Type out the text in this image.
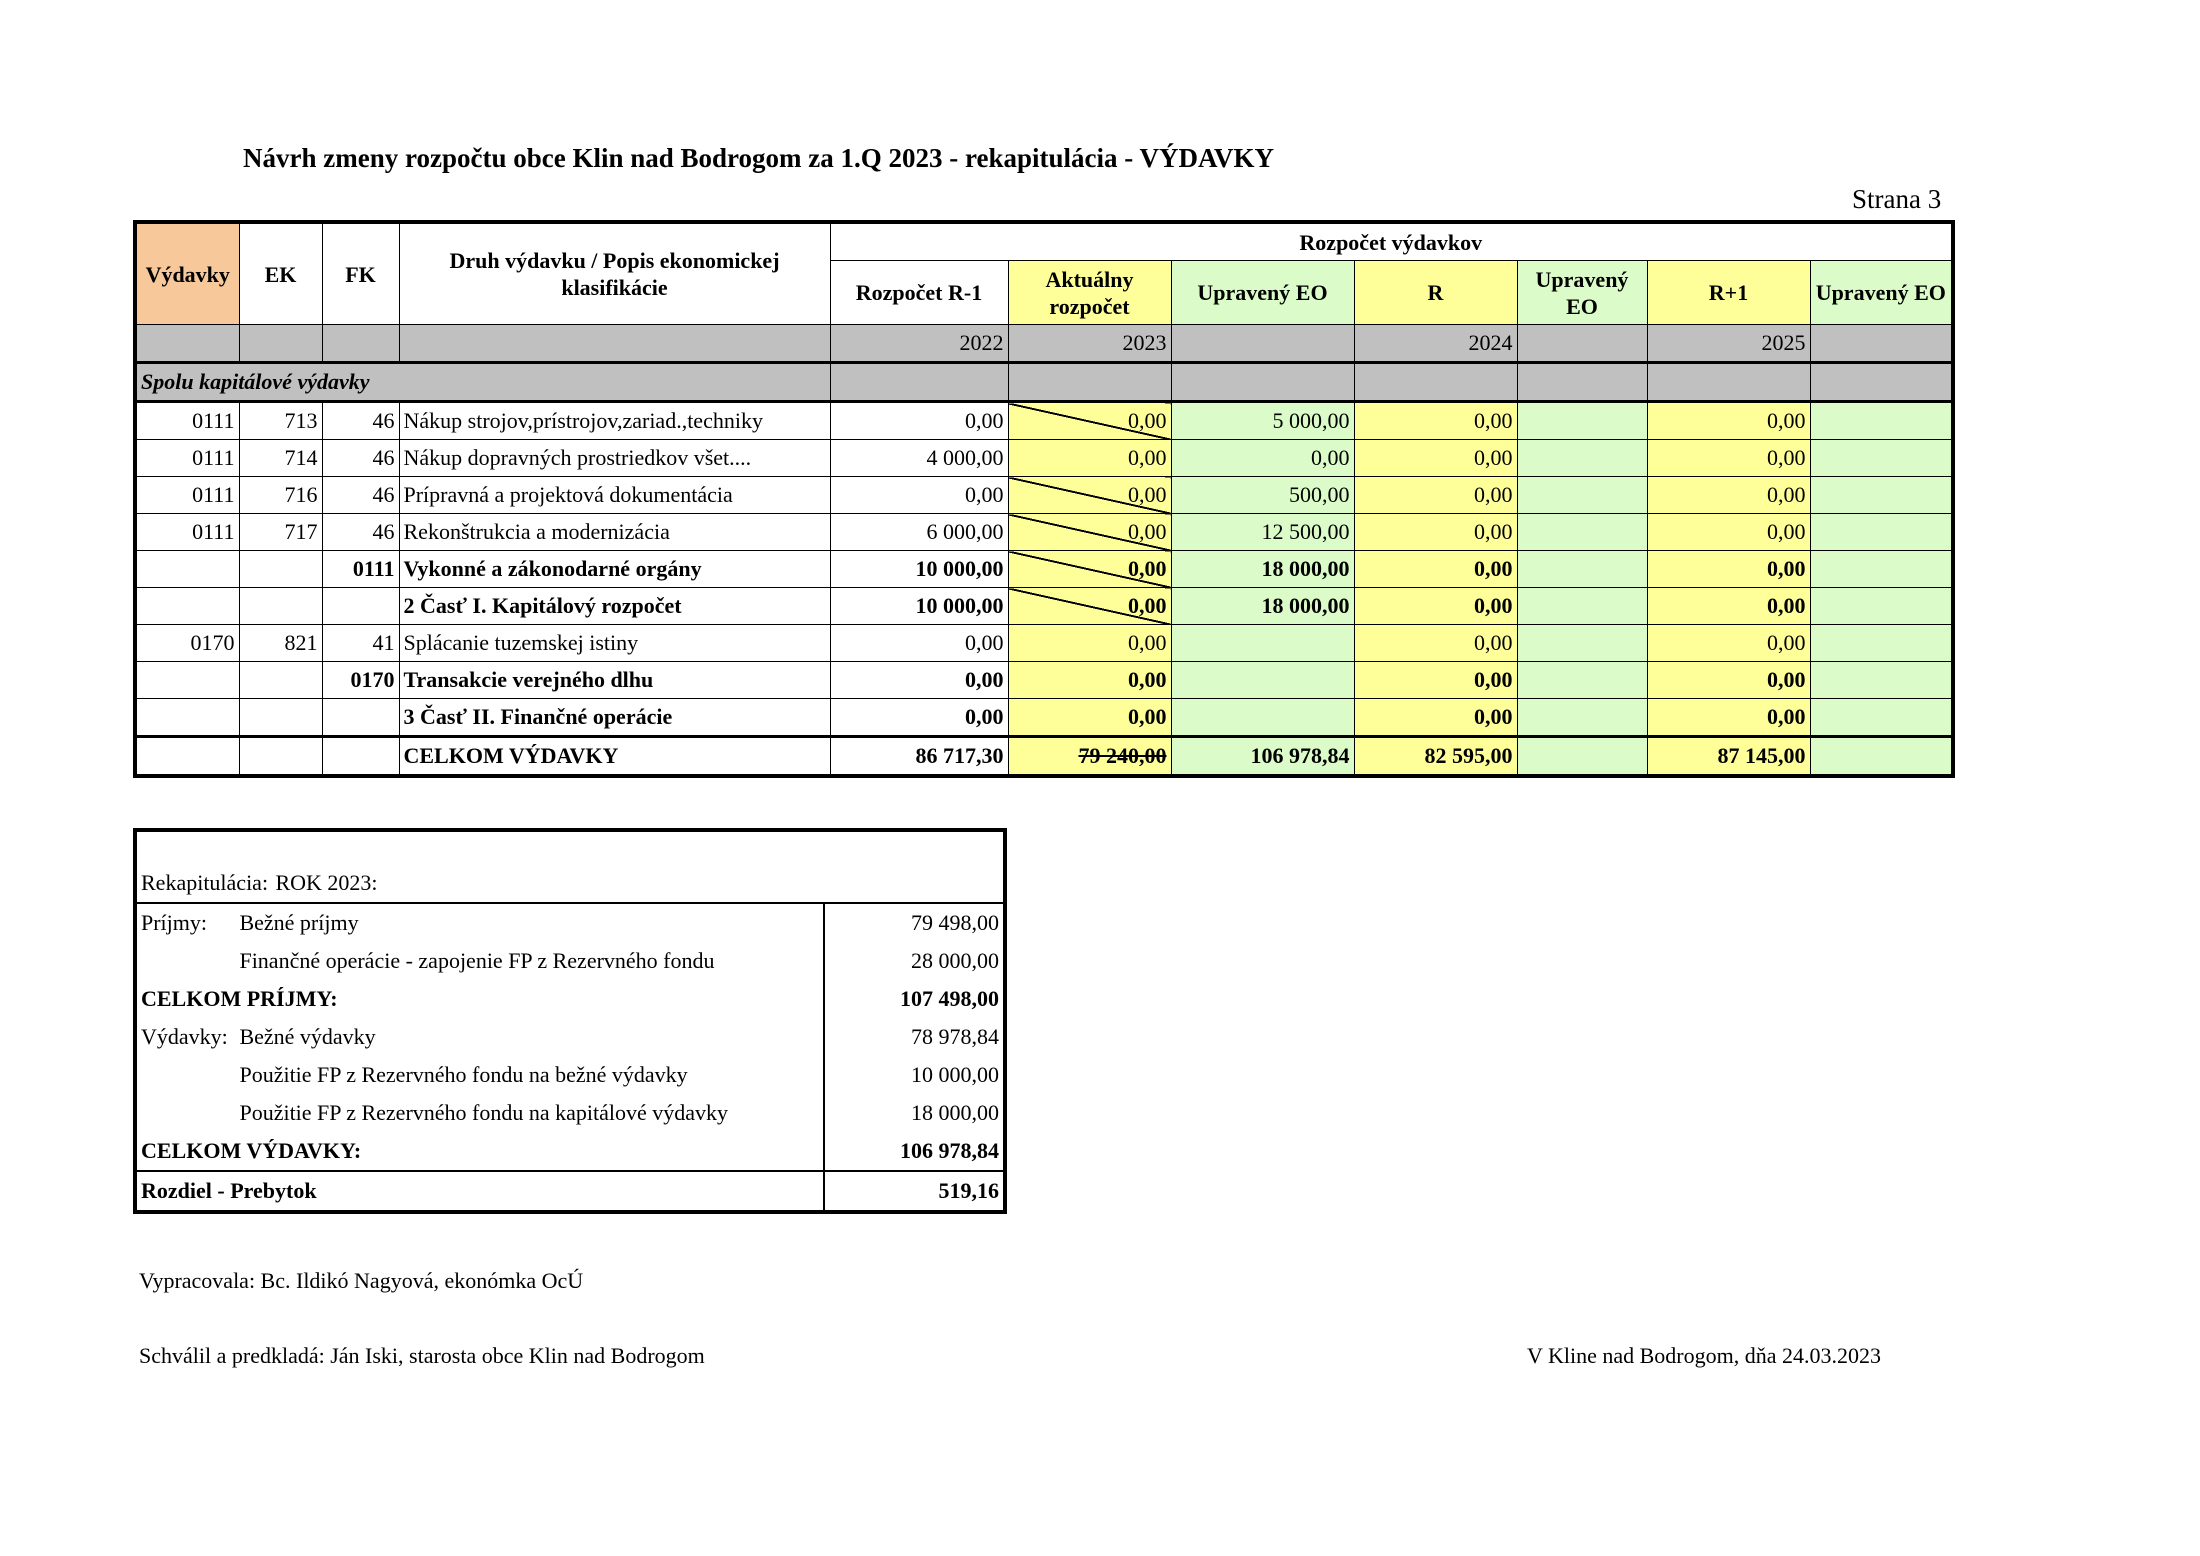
Návrh zmeny rozpočtu obce Klin nad Bodrogom za 1.Q 2023 - rekapitulácia - VÝDAVKY
Strana 3
Výdavky	EK	FK	Druh výdavku / Popis ekonomickej klasifikácie	Rozpočet výdavkov						
				Rozpočet R-1	Aktuálny rozpočet	Upravený EO	R	Upravený EO	R+1	Upravený EO
				2022	2023		2024		2025	
Spolu kapitálové výdavky										
0111	713	46	Nákup strojov,prístrojov,zariad.,techniky	0,00	0,00	5 000,00	0,00		0,00	
0111	714	46	Nákup dopravných prostriedkov všet....	4 000,00	0,00	0,00	0,00		0,00	
0111	716	46	Prípravná a projektová dokumentácia	0,00	0,00	500,00	0,00		0,00	
0111	717	46	Rekonštrukcia a modernizácia	6 000,00	0,00	12 500,00	0,00		0,00	
		0111	Vykonné a zákonodarné orgány	10 000,00	0,00	18 000,00	0,00		0,00	
			2 Časť I. Kapitálový rozpočet	10 000,00	0,00	18 000,00	0,00		0,00	
0170	821	41	Splácanie tuzemskej istiny	0,00	0,00		0,00		0,00	
		0170	Transakcie verejného dlhu	0,00	0,00		0,00		0,00	
			3 Časť II. Finančné operácie	0,00	0,00		0,00		0,00	
			CELKOM VÝDAVKY	86 717,30	79 240,00	106 978,84	82 595,00		87 145,00	

Rekapitulácia:	ROK 2023:	
Príjmy:	Bežné príjmy	79 498,00
	Finančné operácie - zapojenie FP z Rezervného fondu	28 000,00
CELKOM PRÍJMY:		107 498,00
Výdavky:	Bežné výdavky	78 978,84
	Použitie FP z Rezervného fondu na bežné výdavky	10 000,00
	Použitie FP z Rezervného fondu na kapitálové výdavky	18 000,00
CELKOM VÝDAVKY:		106 978,84
Rozdiel - Prebytok		519,16
Vypracovala: Bc. Ildikó Nagyová, ekonómka OcÚ
Schválil a predkladá: Ján Iski, starosta obce Klin nad Bodrogom	V Kline nad Bodrogom, dňa 24.03.2023
